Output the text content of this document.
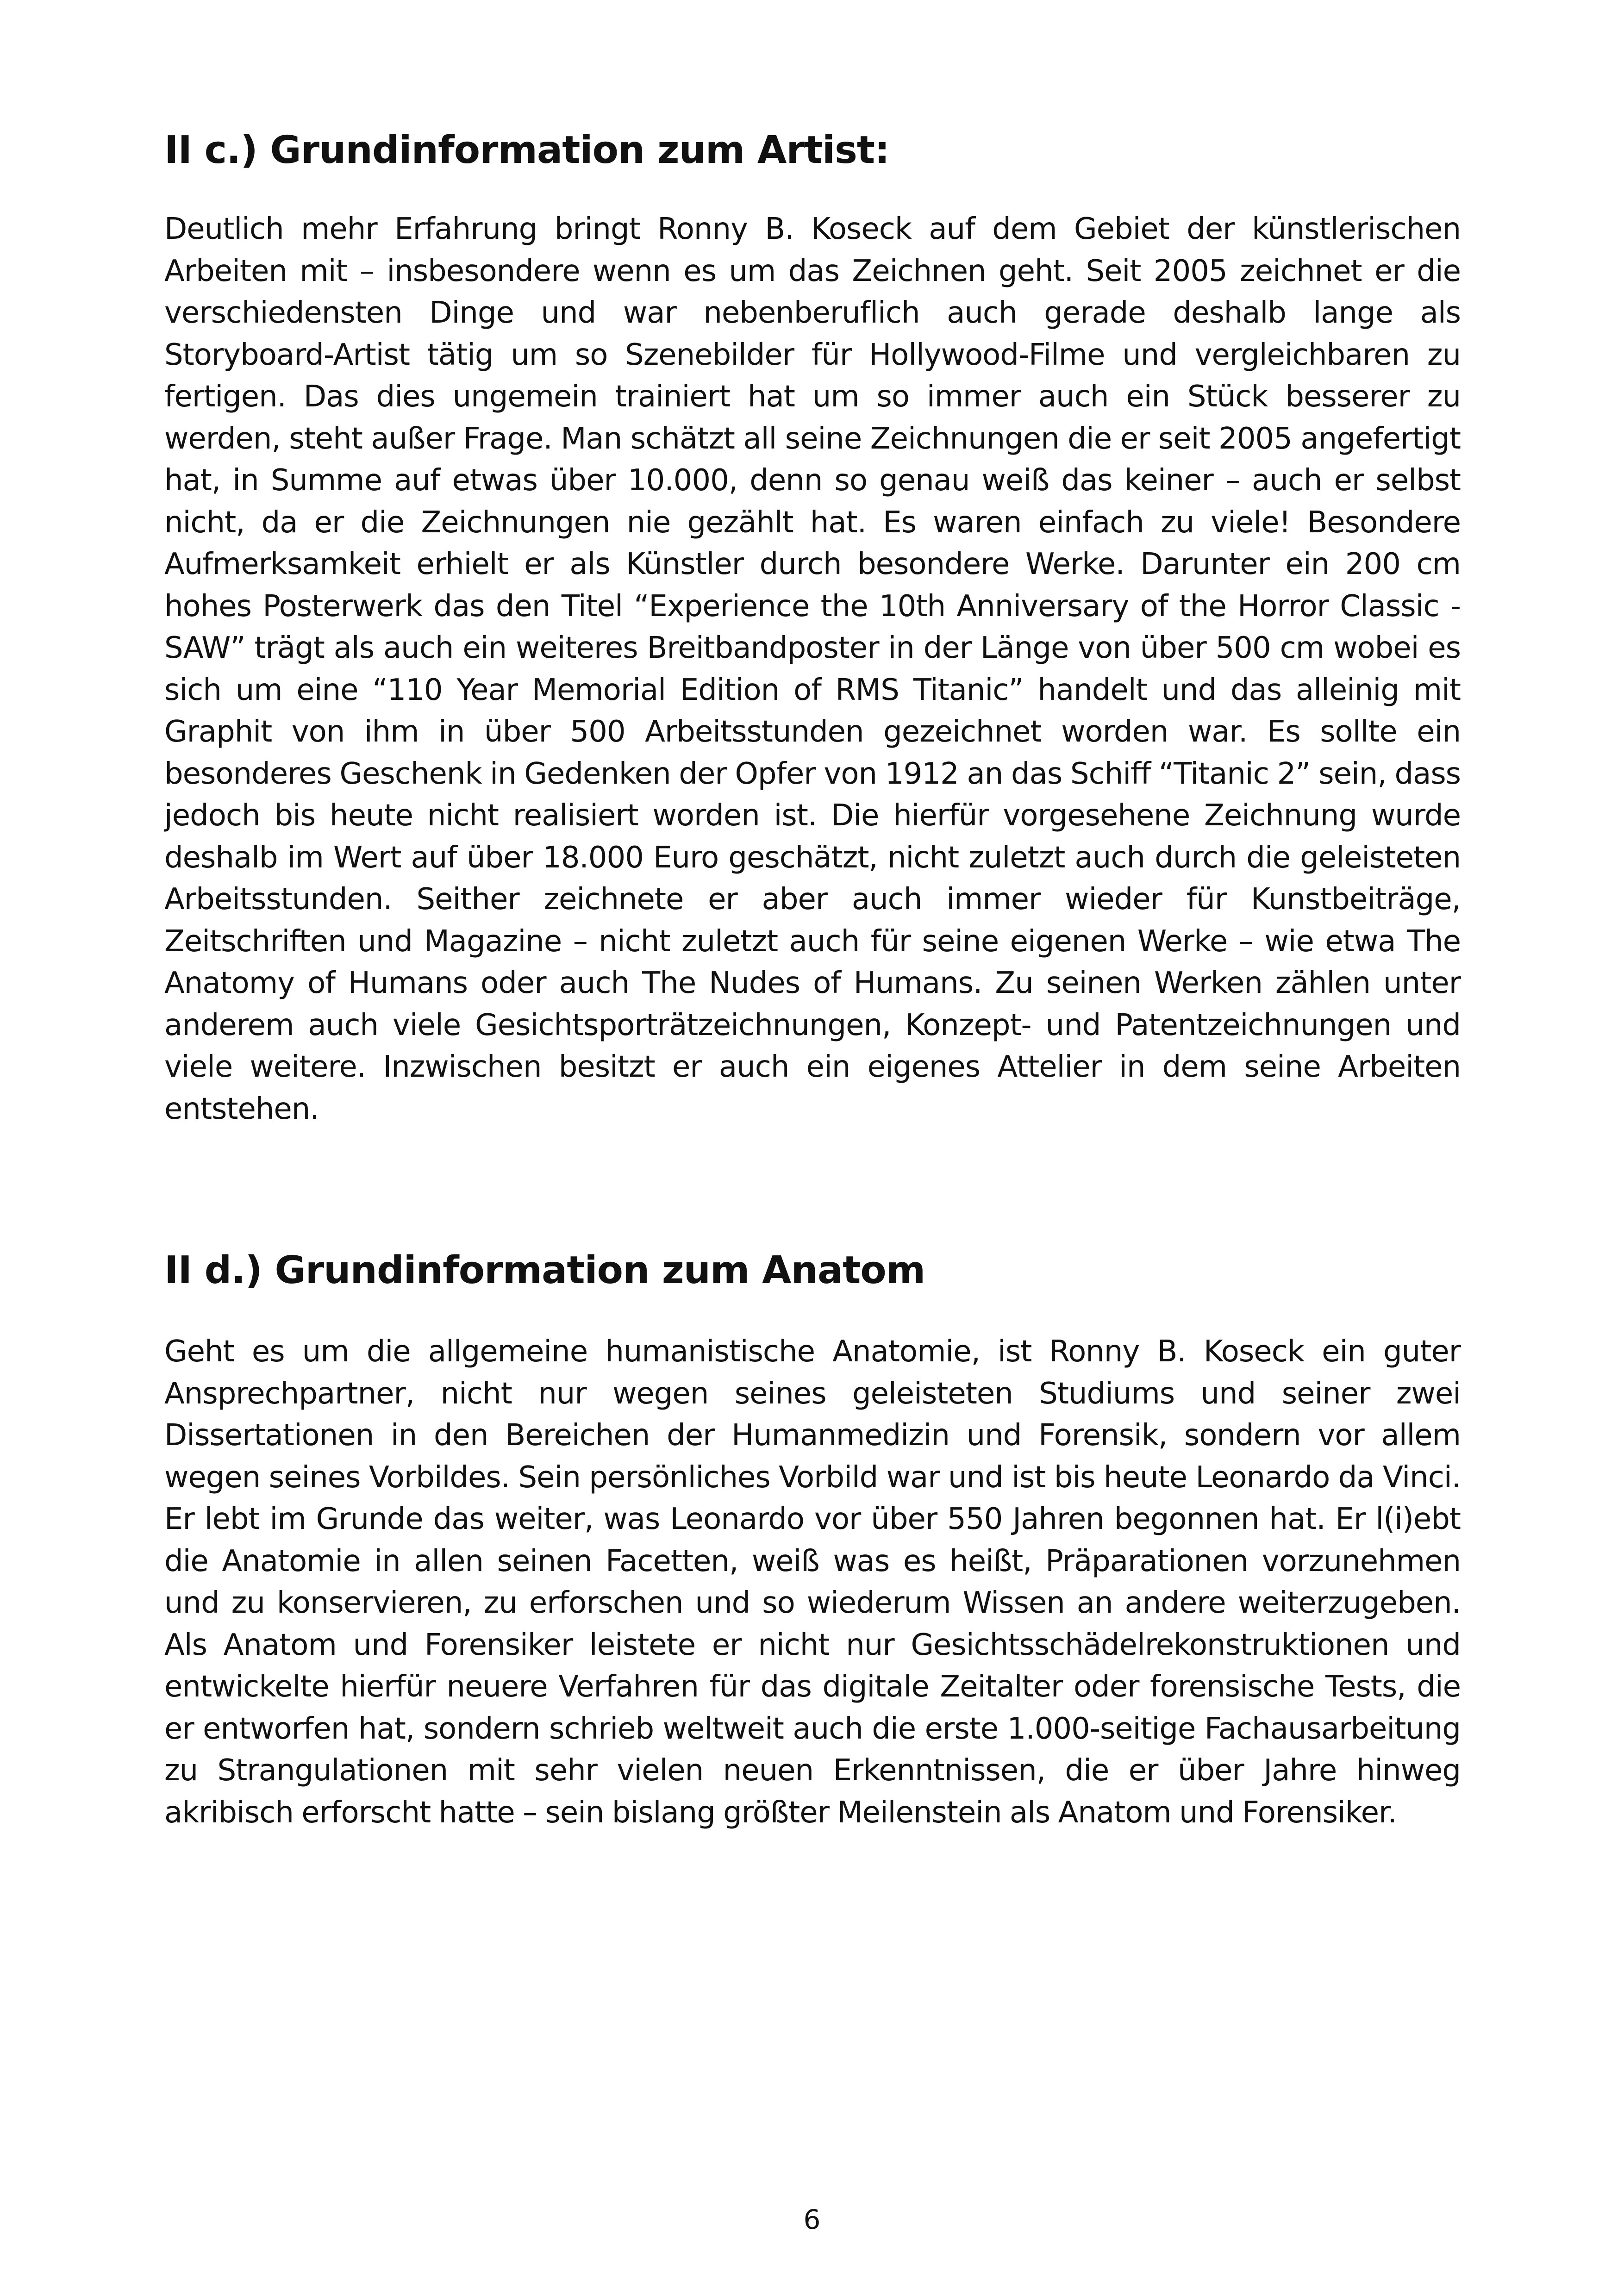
II c.) Grundinformation zum Artist:

Deutlich mehr Erfahrung bringt Ronny B. Koseck auf dem Gebiet der künstlerischen Arbeiten mit – insbesondere wenn es um das Zeichnen geht. Seit 2005 zeichnet er die verschiedensten Dinge und war nebenberuflich auch gerade deshalb lange als Storyboard-Artist tätig um so Szenebilder für Hollywood-Filme und vergleichbaren zu fertigen. Das dies ungemein trainiert hat um so immer auch ein Stück besserer zu werden, steht außer Frage. Man schätzt all seine Zeichnungen die er seit 2005 angefertigt hat, in Summe auf etwas über 10.000, denn so genau weiß das keiner – auch er selbst nicht, da er die Zeichnungen nie gezählt hat. Es waren einfach zu viele! Besondere Aufmerksamkeit erhielt er als Künstler durch besondere Werke. Darunter ein 200 cm hohes Posterwerk das den Titel “Experience the 10th Anniversary of the Horror Classic - SAW” trägt als auch ein weiteres Breitbandposter in der Länge von über 500 cm wobei es sich um eine “110 Year Memorial Edition of RMS Titanic” handelt und das alleinig mit Graphit von ihm in über 500 Arbeitsstunden gezeichnet worden war. Es sollte ein besonderes Geschenk in Gedenken der Opfer von 1912 an das Schiff “Titanic 2” sein, dass jedoch bis heute nicht realisiert worden ist. Die hierfür vorgesehene Zeichnung wurde deshalb im Wert auf über 18.000 Euro geschätzt, nicht zuletzt auch durch die geleisteten Arbeitsstunden. Seither zeichnete er aber auch immer wieder für Kunstbeiträge, Zeitschriften und Magazine – nicht zuletzt auch für seine eigenen Werke – wie etwa The Anatomy of Humans oder auch The Nudes of Humans. Zu seinen Werken zählen unter anderem auch viele Gesichtsporträtzeichnungen, Konzept- und Patentzeichnungen und viele weitere. Inzwischen besitzt er auch ein eigenes Attelier in dem seine Arbeiten entstehen.

II d.) Grundinformation zum Anatom

Geht es um die allgemeine humanistische Anatomie, ist Ronny B. Koseck ein guter Ansprechpartner, nicht nur wegen seines geleisteten Studiums und seiner zwei Dissertationen in den Bereichen der Humanmedizin und Forensik, sondern vor allem wegen seines Vorbildes. Sein persönliches Vorbild war und ist bis heute Leonardo da Vinci. Er lebt im Grunde das weiter, was Leonardo vor über 550 Jahren begonnen hat. Er l(i)ebt die Anatomie in allen seinen Facetten, weiß was es heißt, Präparationen vorzunehmen und zu konservieren, zu erforschen und so wiederum Wissen an andere weiterzugeben. Als Anatom und Forensiker leistete er nicht nur Gesichtsschädelrekonstruktionen und entwickelte hierfür neuere Verfahren für das digitale Zeitalter oder forensische Tests, die er entworfen hat, sondern schrieb weltweit auch die erste 1.000-seitige Fachausarbeitung zu Strangulationen mit sehr vielen neuen Erkenntnissen, die er über Jahre hinweg akribisch erforscht hatte – sein bislang größter Meilenstein als Anatom und Forensiker.

6
